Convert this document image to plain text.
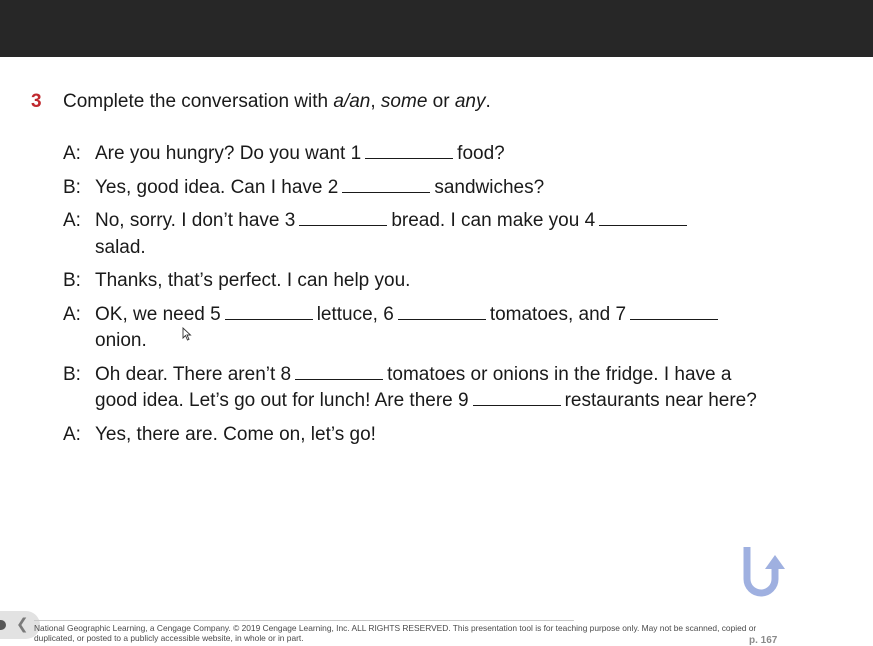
3 Complete the conversation with a/an, some or any.
A: Are you hungry? Do you want 1	food?
B: Yes, good idea. Can I have 2	sandwiches?
A: No, sorry. I don’t have 3	bread. I can make you 4
salad.
B: Thanks, that’s perfect. I can help you.
A: OK, we need 5	lettuce, 6	tomatoes, and 7
onion.
B: Oh dear. There aren’t 8	tomatoes or onions in the fridge. I have a good idea. Let’s go out for lunch! Are there 9	restaurants near here?
A: Yes, there are. Come on, let’s go!
❮ National Geographic Learning, a Cengage Company. © 2019 Cengage Learning, Inc. ALL RIGHTS RESERVED. This presentation tool is for teaching purpose only. May not be scanned, copied or duplicated, or posted to a publicly accessible website, in whole or in part.	p. 167
